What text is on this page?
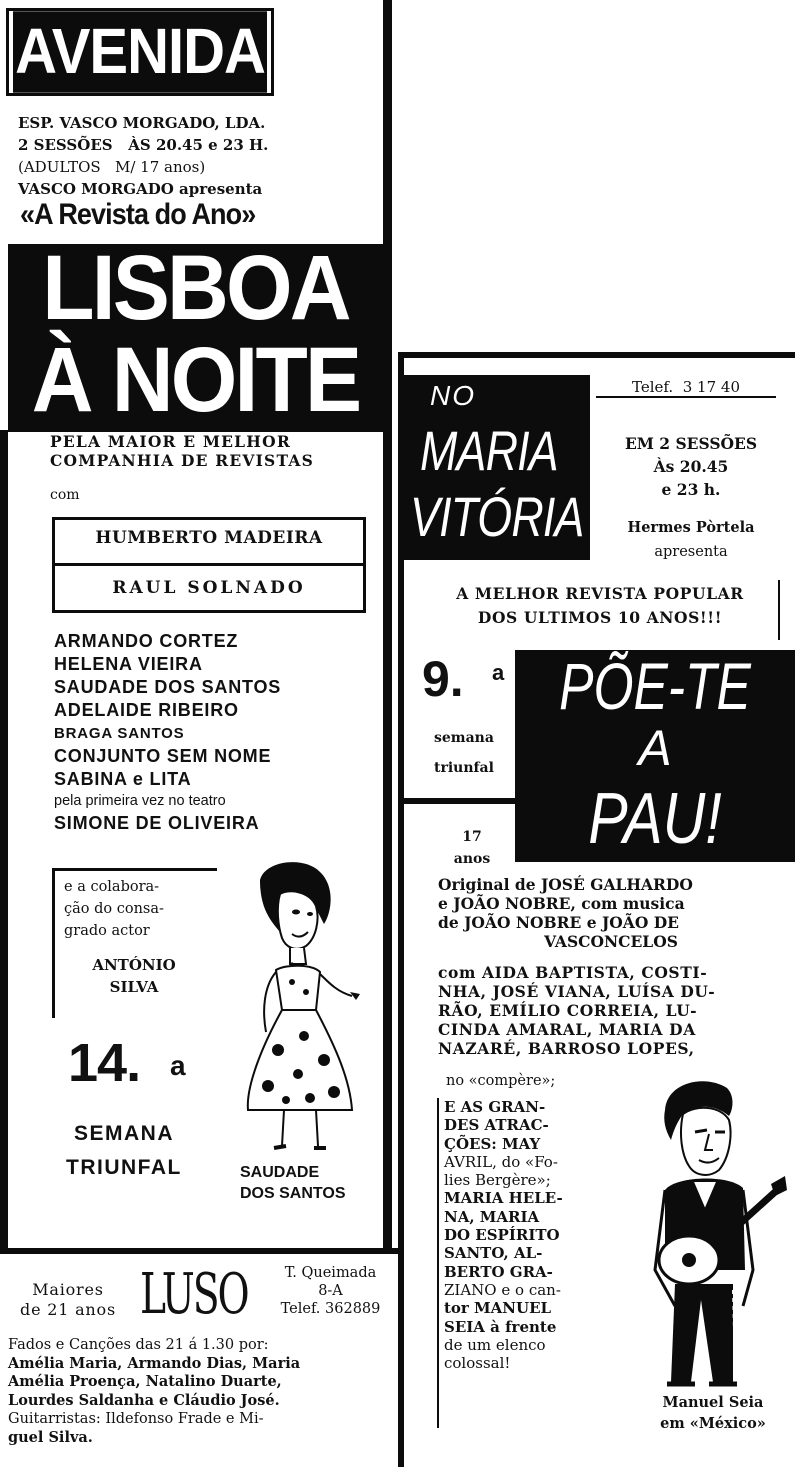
AVENIDA
ESP. VASCO MORGADO, LDA.
2 SESSÕES   ÀS 20.45 e 23 H.
(ADULTOS   M/ 17 anos)
VASCO MORGADO apresenta
«A Revista do Ano»
LISBOA
À NOITE
PELA MAIOR E MELHOR COMPANHIA DE REVISTAS
com
HUMBERTO MADEIRA
RAUL SOLNADO
ARMANDO CORTEZ
HELENA VIEIRA
SAUDADE DOS SANTOS
ADELAIDE RIBEIRO
BRAGA SANTOS
CONJUNTO SEM NOME
SABINA e LITA
pela primeira vez no teatro
SIMONE DE OLIVEIRA
e a colabora-
ção do consa-
grado actor
ANTÓNIO
SILVA
14. a
SEMANA
TRIUNFAL	SAUDADE
DOS SANTOS
NO
MARIA
VITÓRIA
Telef.  3 17 40
EM 2 SESSÕES
Às 20.45
e 23 h.
Hermes Pòrtela
apresenta
A MELHOR REVISTA POPULAR
DOS ULTIMOS 10 ANOS!!!
9. a
semana
triunfal
PÕE-TE
A
PAU!
17
anos
Original de JOSÉ GALHARDO
e JOÃO NOBRE, com musica
de JOÃO NOBRE e JOÃO DE
VASCONCELOS
com AIDA BAPTISTA, COSTI-
NHA, JOSÉ VIANA, LUÍSA DU-
RÃO, EMÍLIO CORREIA, LU-
CINDA AMARAL, MARIA DA
NAZARÉ, BARROSO LOPES,
no «compère»;
E AS GRAN-
DES ATRAC-
ÇÕES: MAY
AVRIL, do «Fo-
lies Bergère»;
MARIA HELE-
NA, MARIA
DO ESPÍRITO
SANTO, AL-
BERTO GRA-
ZIANO e o can-
tor MANUEL
SEIA à frente
de um elenco
colossal!
Manuel Seia
em «México»
Maiores
de 21 anos LUSO	T. Queimada
8-A
Telef. 362889
Fados e Canções das 21 á 1.30 por:
Amélia Maria, Armando Dias, Maria
Amélia Proença, Natalino Duarte,
Lourdes Saldanha e Cláudio José.
Guitarristas: Ildefonso Frade e Mi-
guel Silva.
